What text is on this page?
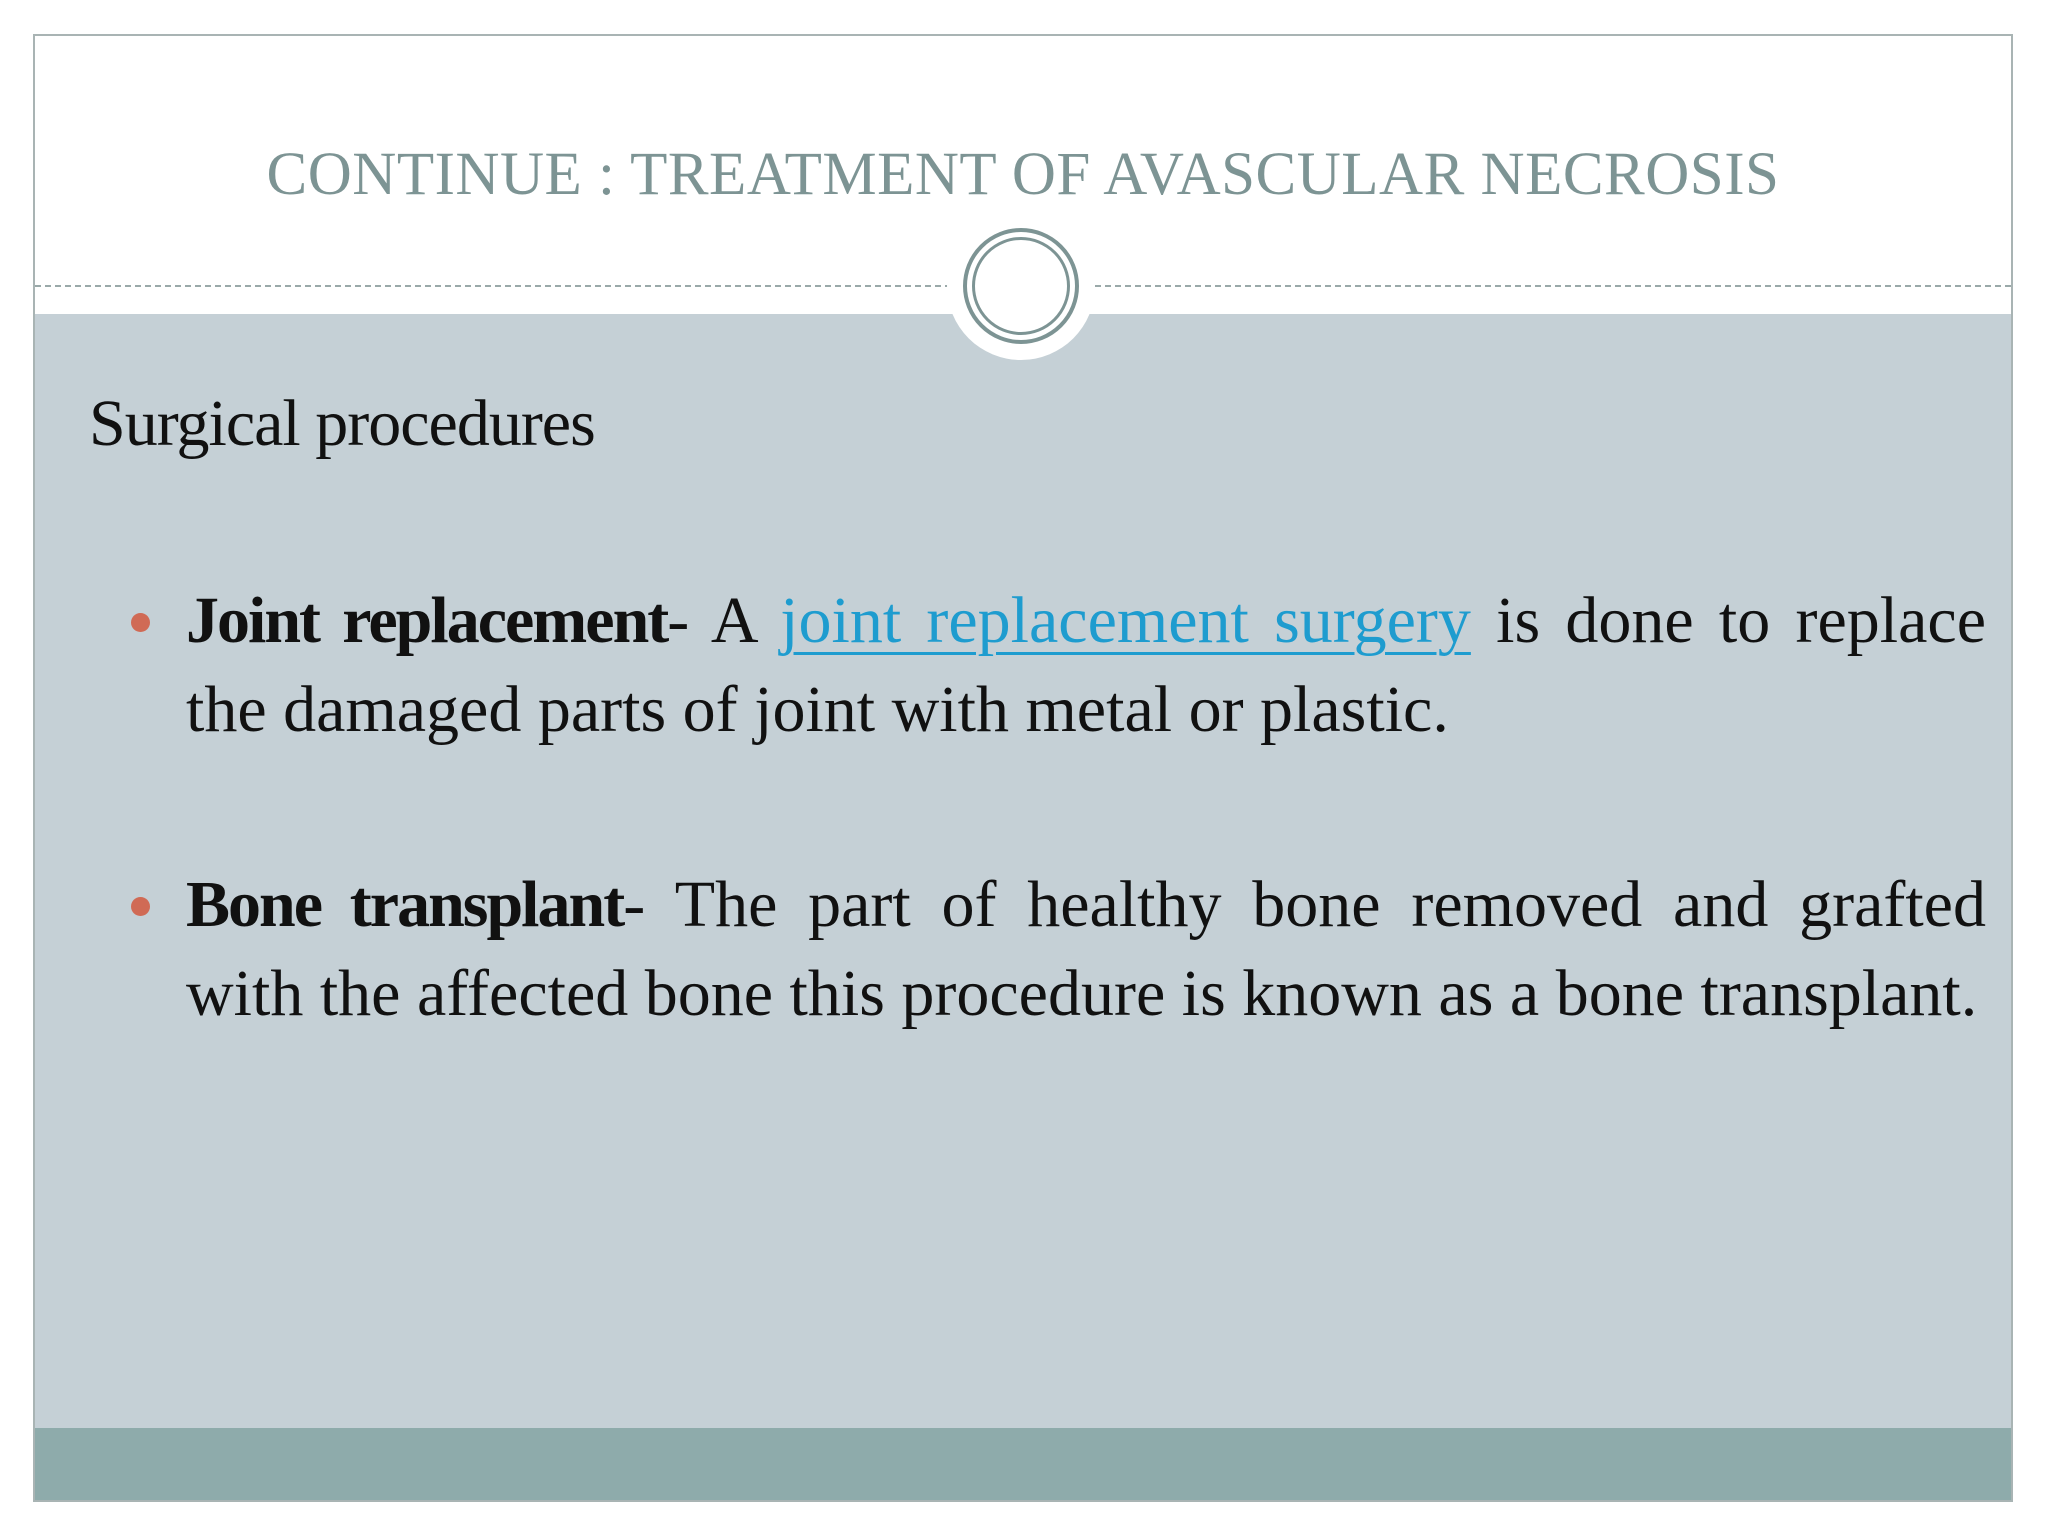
CONTINUE : TREATMENT OF AVASCULAR NECROSIS
Surgical procedures
Joint replacement- A joint replacement surgery is done to replace the damaged parts of joint with metal or plastic.
Bone transplant- The part of healthy bone removed and grafted with the affected bone this procedure is known as a bone transplant.
